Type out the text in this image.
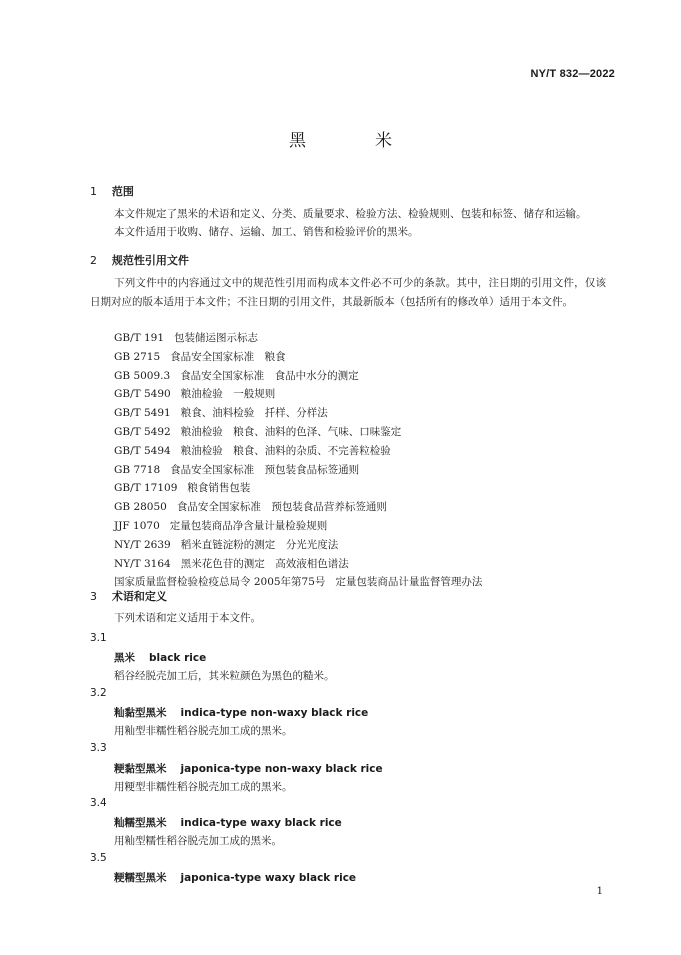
NY/T 832—2022
黑　米
1 范围
本文件规定了黑米的术语和定义、分类、质量要求、检验方法、检验规则、包装和标签、储存和运输。
本文件适用于收购、储存、运输、加工、销售和检验评价的黑米。
2 规范性引用文件
下列文件中的内容通过文中的规范性引用而构成本文件必不可少的条款。其中，注日期的引用文件，仅该日期对应的版本适用于本文件；不注日期的引用文件，其最新版本（包括所有的修改单）适用于本文件。
GB/T 191 包装储运图示标志
GB 2715 食品安全国家标准　粮食
GB 5009.3 食品安全国家标准　食品中水分的测定
GB/T 5490 粮油检验　一般规则
GB/T 5491 粮食、油料检验　扦样、分样法
GB/T 5492 粮油检验　粮食、油料的色泽、气味、口味鉴定
GB/T 5494 粮油检验　粮食、油料的杂质、不完善粒检验
GB 7718 食品安全国家标准　预包装食品标签通则
GB/T 17109 粮食销售包装
GB 28050 食品安全国家标准　预包装食品营养标签通则
JJF 1070 定量包装商品净含量计量检验规则
NY/T 2639 稻米直链淀粉的测定　分光光度法
NY/T 3164 黑米花色苷的测定　高效液相色谱法
国家质量监督检验检疫总局令 2005年第75号 定量包装商品计量监督管理办法
3 术语和定义
下列术语和定义适用于本文件。
3.1
黑米 black rice
稻谷经脱壳加工后，其米粒颜色为黑色的糙米。
3.2
籼黏型黑米 indica-type non-waxy black rice
用籼型非糯性稻谷脱壳加工成的黑米。
3.3
粳黏型黑米 japonica-type non-waxy black rice
用粳型非糯性稻谷脱壳加工成的黑米。
3.4
籼糯型黑米 indica-type waxy black rice
用籼型糯性稻谷脱壳加工成的黑米。
3.5
粳糯型黑米 japonica-type waxy black rice
1
